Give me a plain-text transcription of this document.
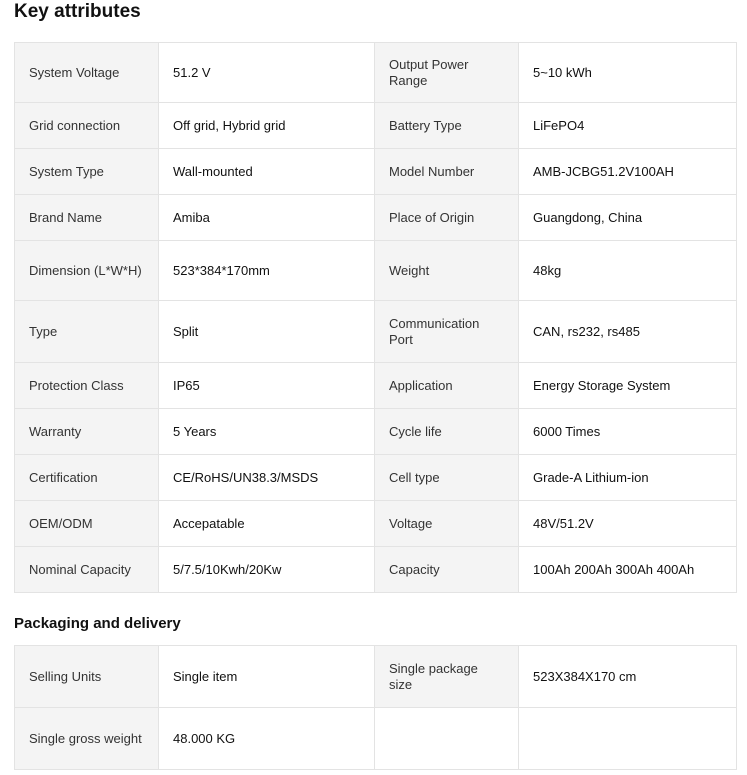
Key attributes
System Voltage	51.2 V	Output Power Range	5~10 kWh
Grid connection	Off grid, Hybrid grid	Battery Type	LiFePO4
System Type	Wall-mounted	Model Number	AMB-JCBG51.2V100AH
Brand Name	Amiba	Place of Origin	Guangdong, China
Dimension (L*W*H)	523*384*170mm	Weight	48kg
Type	Split	Communication Port	CAN, rs232, rs485
Protection Class	IP65	Application	Energy Storage System
Warranty	5 Years	Cycle life	6000 Times
Certification	CE/RoHS/UN38.3/MSDS	Cell type	Grade-A Lithium-ion
OEM/ODM	Accepatable	Voltage	48V/51.2V
Nominal Capacity	5/7.5/10Kwh/20Kw	Capacity	100Ah 200Ah 300Ah 400Ah
Packaging and delivery
Selling Units	Single item	Single package size	523X384X170 cm
Single gross weight	48.000 KG		
